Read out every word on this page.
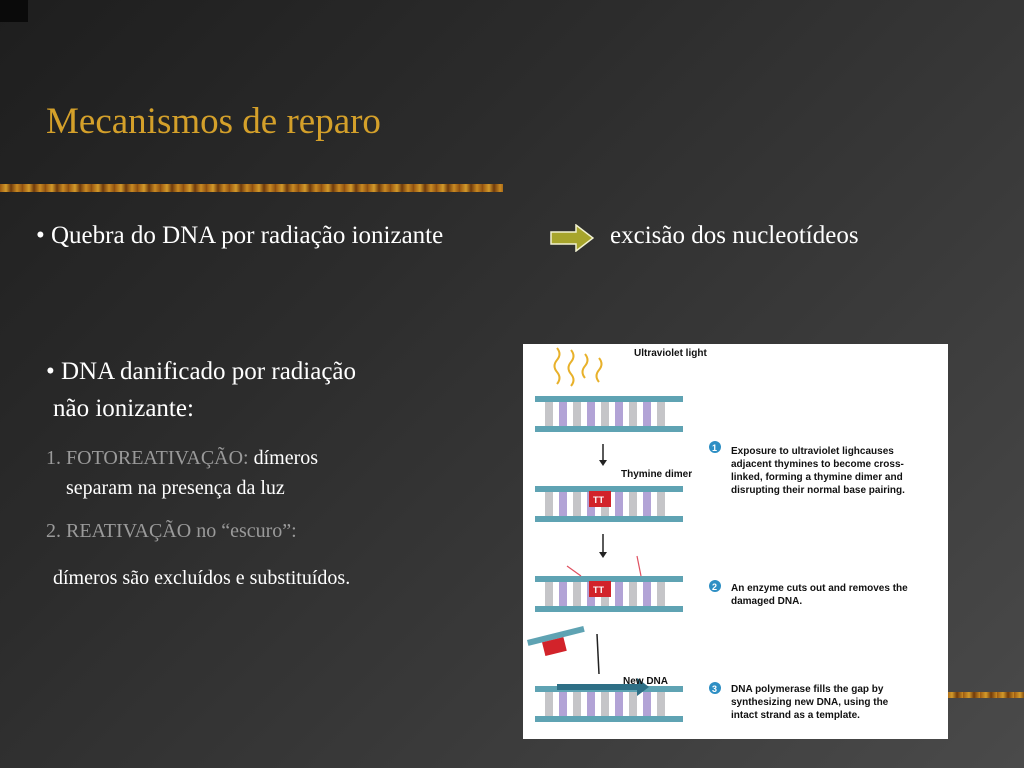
Mecanismos de reparo
• Quebra do DNA por radiação ionizante	excisão dos nucleotídeos
• DNA danificado por radiação
não ionizante:
1. FOTOREATIVAÇÃO: dímeros
separam na presença da luz
2. REATIVAÇÃO no “escuro”:
dímeros são excluídos e substituídos.
Ultraviolet light
TT
Thymine dimer
TT
New DNA
1 Exposure to ultraviolet lighcauses
adjacent thymines to become cross-
linked, forming a thymine dimer and
disrupting their normal base pairing.
2 An enzyme cuts out and removes the
damaged DNA.
3 DNA polymerase fills the gap by
synthesizing new DNA, using the
intact strand as a template.
